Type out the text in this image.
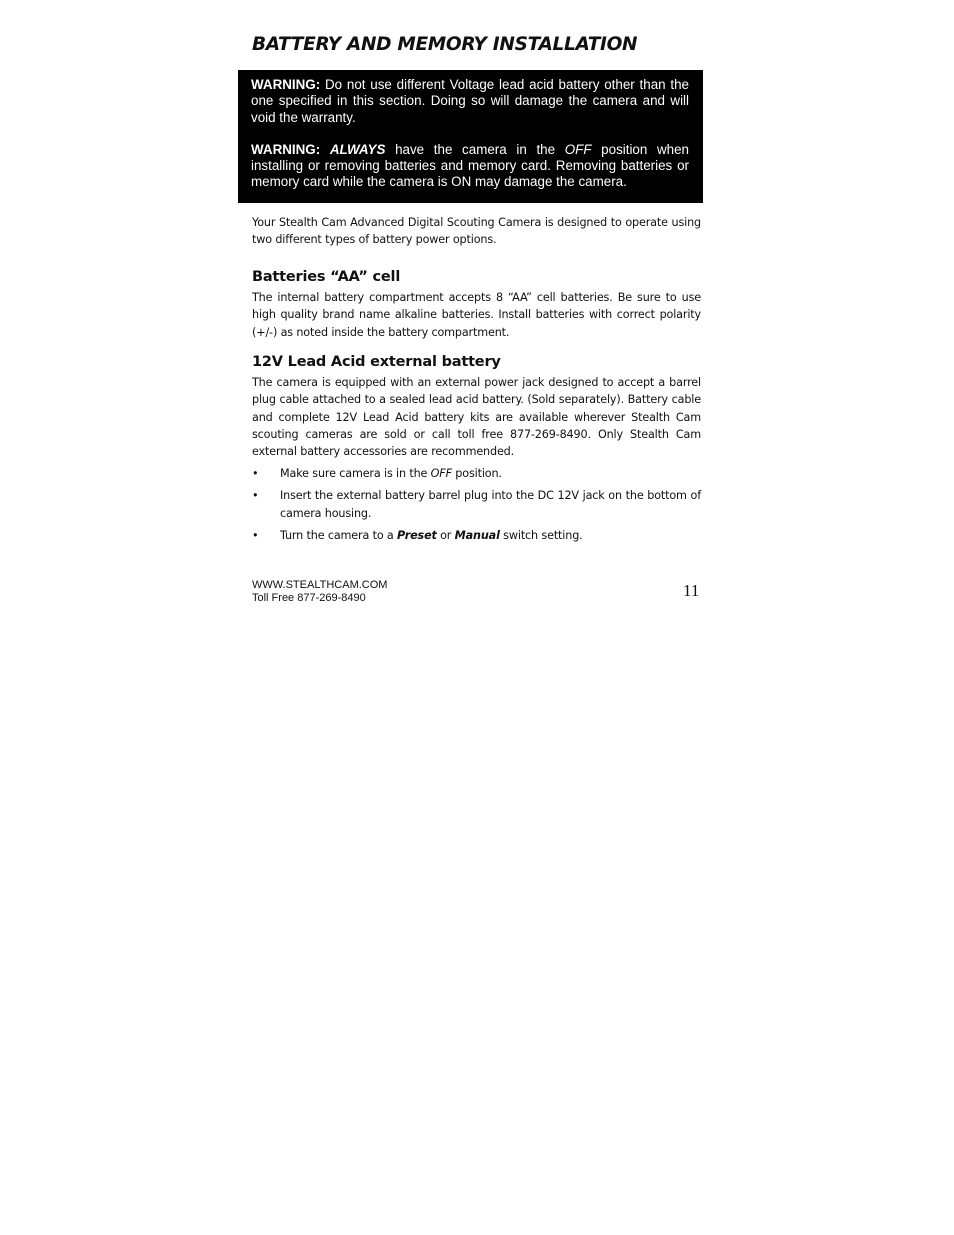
BATTERY AND MEMORY INSTALLATION

WARNING: Do not use different Voltage lead acid battery other than the one specified in this section. Doing so will damage the camera and will void the warranty.

WARNING: ALWAYS have the camera in the OFF position when installing or removing batteries and memory card. Removing batteries or memory card while the camera is ON may damage the camera.

Your Stealth Cam Advanced Digital Scouting Camera is designed to operate using two different types of battery power options.

Batteries “AA” cell

The internal battery compartment accepts 8 “AA” cell batteries. Be sure to use high quality brand name alkaline batteries. Install batteries with correct polarity (+/-) as noted inside the battery compartment.

12V Lead Acid external battery

The camera is equipped with an external power jack designed to accept a barrel plug cable attached to a sealed lead acid battery. (Sold separately). Battery cable and complete 12V Lead Acid battery kits are available wherever Stealth Cam scouting cameras are sold or call toll free 877-269-8490. Only Stealth Cam external battery accessories are recommended.

• Make sure camera is in the OFF position.
• Insert the external battery barrel plug into the DC 12V jack on the bottom of camera housing.
• Turn the camera to a Preset or Manual switch setting.

WWW.STEALTHCAM.COM

Toll Free 877-269-8490	11
